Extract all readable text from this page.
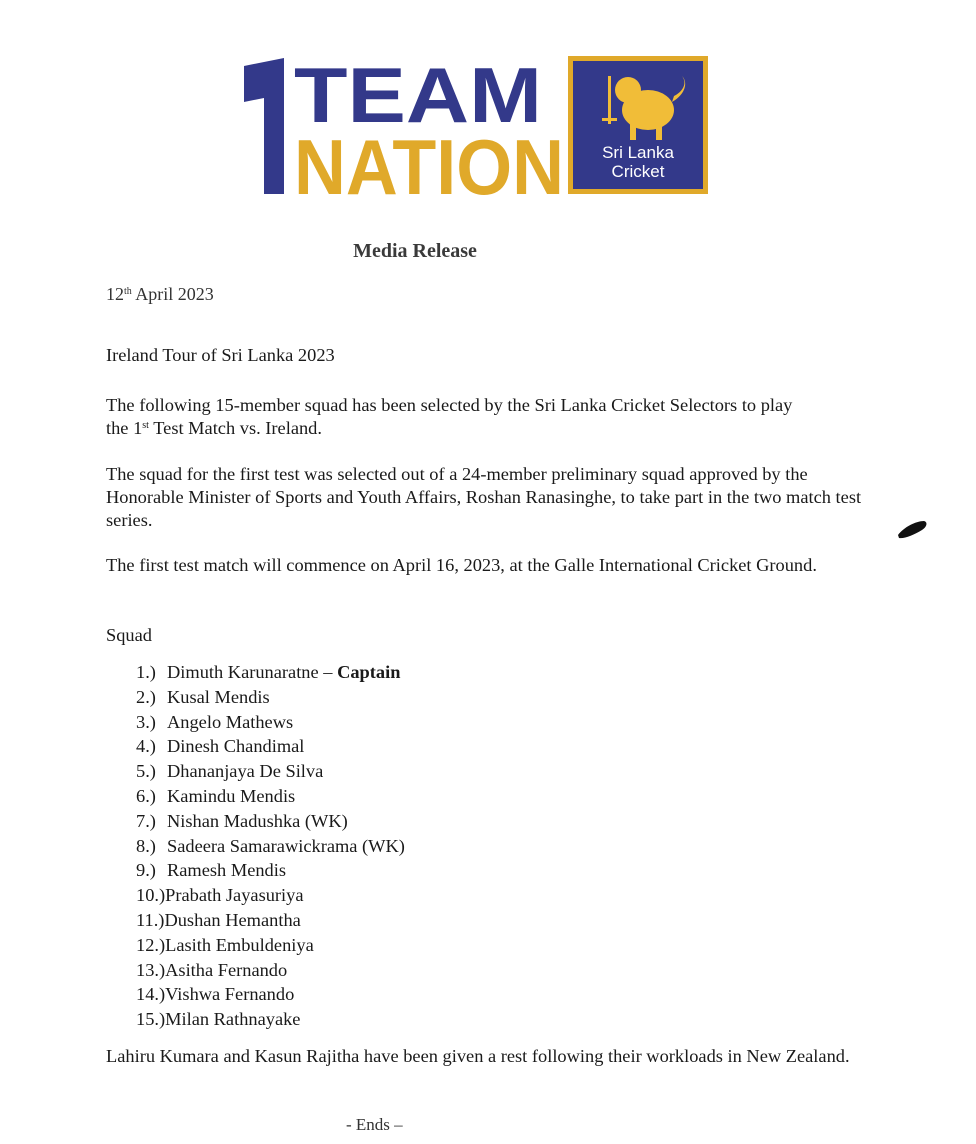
TEAM
NATION Sri Lanka
Cricket
Media Release
12th April 2023
Ireland Tour of Sri Lanka 2023
The following 15-member squad has been selected by the Sri Lanka Cricket Selectors to play
the 1st Test Match vs. Ireland.
The squad for the first test was selected out of a 24-member preliminary squad approved by the Honorable Minister of Sports and Youth Affairs, Roshan Ranasinghe, to take part in the two match test series.
The first test match will commence on April 16, 2023, at the Galle International Cricket Ground.
Squad
1.) Dimuth Karunaratne – Captain
2.) Kusal Mendis
3.) Angelo Mathews
4.) Dinesh Chandimal
5.) Dhananjaya De Silva
6.) Kamindu Mendis
7.) Nishan Madushka (WK)
8.) Sadeera Samarawickrama (WK)
9.) Ramesh Mendis
10.)Prabath Jayasuriya
11.)Dushan Hemantha
12.)Lasith Embuldeniya
13.)Asitha Fernando
14.)Vishwa Fernando
15.)Milan Rathnayake
Lahiru Kumara and Kasun Rajitha have been given a rest following their workloads in New Zealand.
- Ends –
